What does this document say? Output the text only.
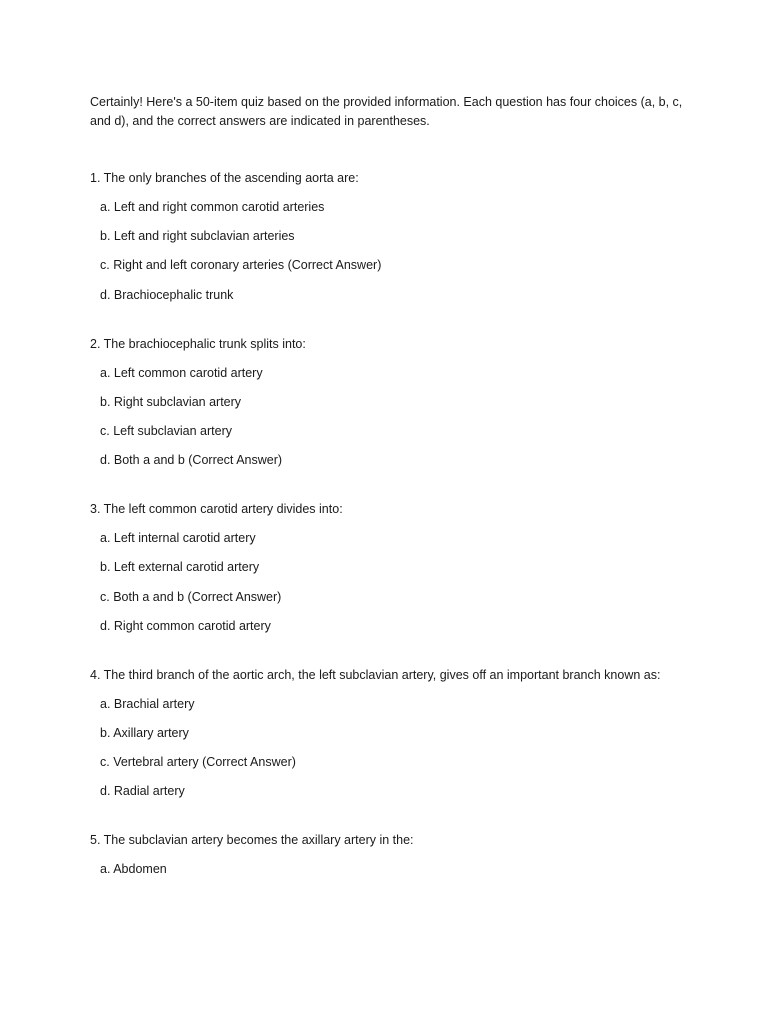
Certainly! Here's a 50-item quiz based on the provided information. Each question has four choices (a, b, c, and d), and the correct answers are indicated in parentheses.

1. The only branches of the ascending aorta are:

a. Left and right common carotid arteries
b. Left and right subclavian arteries
c. Right and left coronary arteries (Correct Answer)
d. Brachiocephalic trunk

2. The brachiocephalic trunk splits into:

a. Left common carotid artery
b. Right subclavian artery
c. Left subclavian artery
d. Both a and b (Correct Answer)

3. The left common carotid artery divides into:

a. Left internal carotid artery
b. Left external carotid artery
c. Both a and b (Correct Answer)
d. Right common carotid artery

4. The third branch of the aortic arch, the left subclavian artery, gives off an important branch known as:

a. Brachial artery
b. Axillary artery
c. Vertebral artery (Correct Answer)
d. Radial artery

5. The subclavian artery becomes the axillary artery in the:

a. Abdomen
